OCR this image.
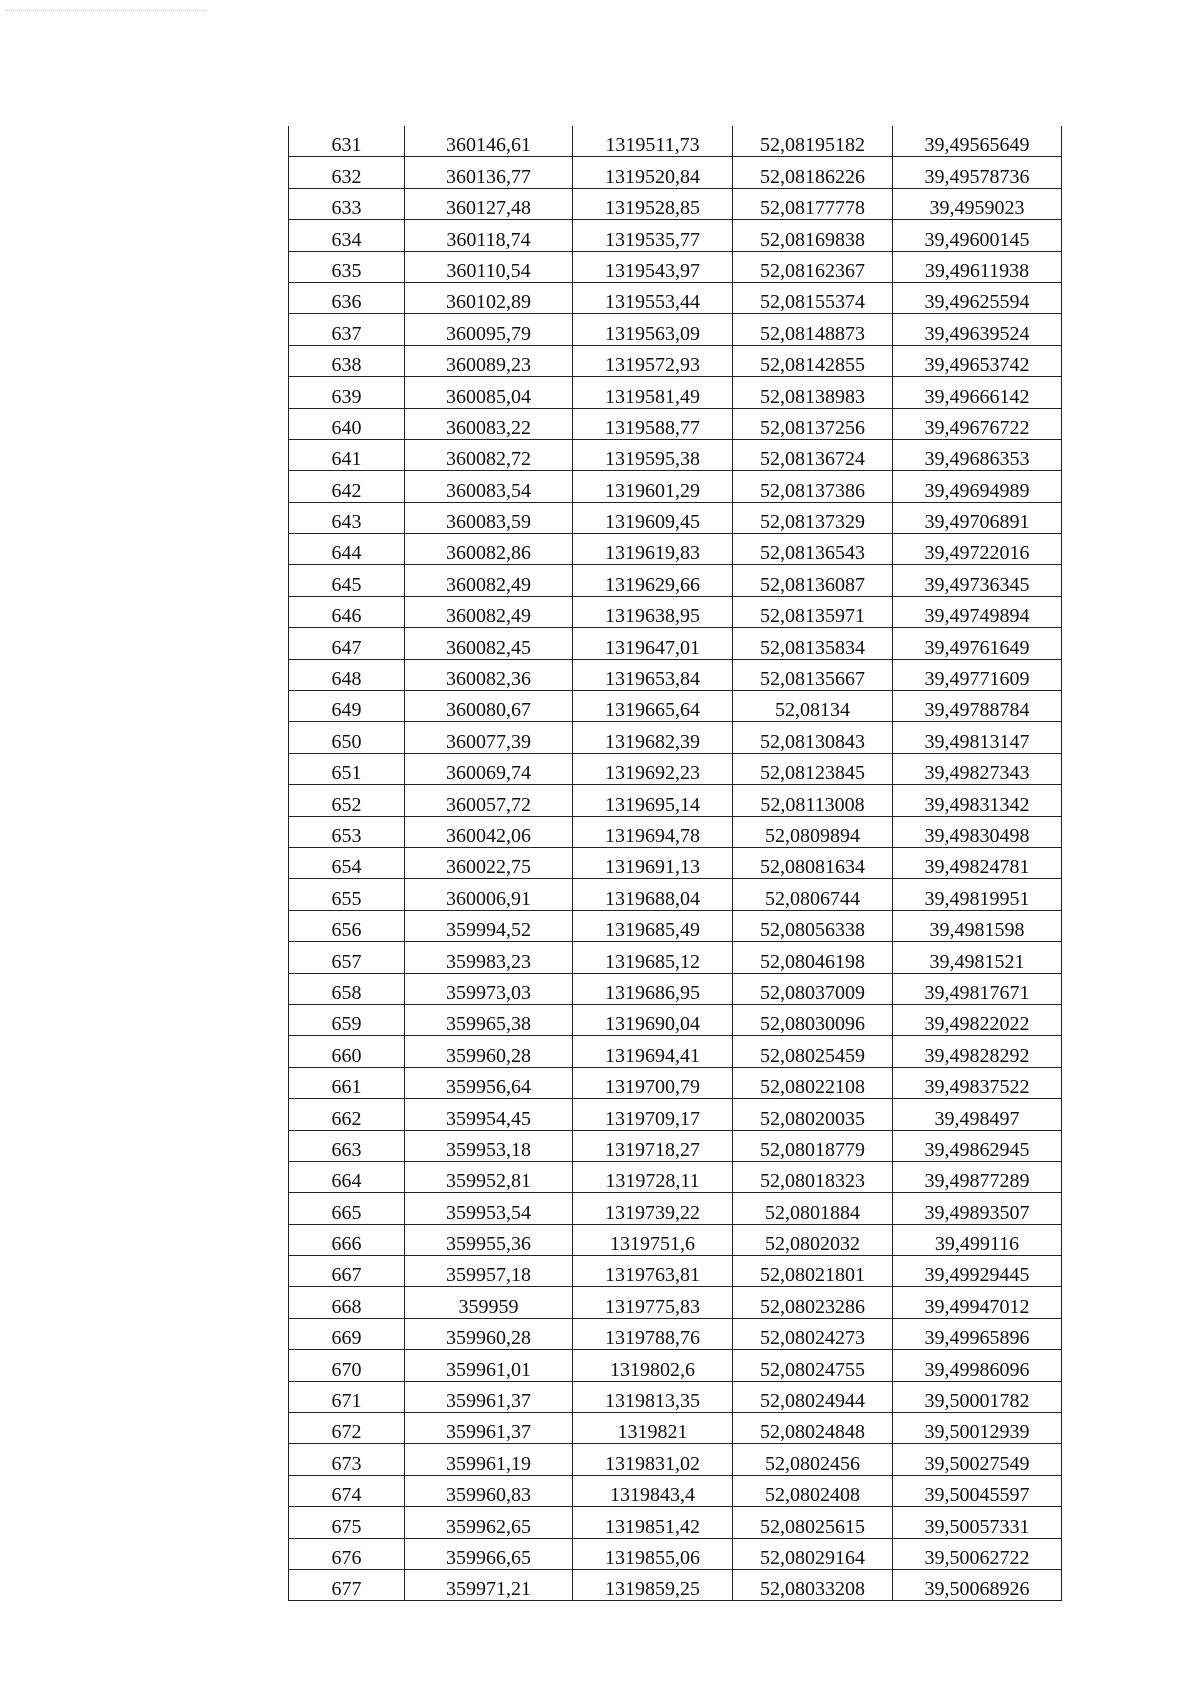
631	360146,61	1319511,73	52,08195182	39,49565649
632	360136,77	1319520,84	52,08186226	39,49578736
633	360127,48	1319528,85	52,08177778	39,4959023
634	360118,74	1319535,77	52,08169838	39,49600145
635	360110,54	1319543,97	52,08162367	39,49611938
636	360102,89	1319553,44	52,08155374	39,49625594
637	360095,79	1319563,09	52,08148873	39,49639524
638	360089,23	1319572,93	52,08142855	39,49653742
639	360085,04	1319581,49	52,08138983	39,49666142
640	360083,22	1319588,77	52,08137256	39,49676722
641	360082,72	1319595,38	52,08136724	39,49686353
642	360083,54	1319601,29	52,08137386	39,49694989
643	360083,59	1319609,45	52,08137329	39,49706891
644	360082,86	1319619,83	52,08136543	39,49722016
645	360082,49	1319629,66	52,08136087	39,49736345
646	360082,49	1319638,95	52,08135971	39,49749894
647	360082,45	1319647,01	52,08135834	39,49761649
648	360082,36	1319653,84	52,08135667	39,49771609
649	360080,67	1319665,64	52,08134	39,49788784
650	360077,39	1319682,39	52,08130843	39,49813147
651	360069,74	1319692,23	52,08123845	39,49827343
652	360057,72	1319695,14	52,08113008	39,49831342
653	360042,06	1319694,78	52,0809894	39,49830498
654	360022,75	1319691,13	52,08081634	39,49824781
655	360006,91	1319688,04	52,0806744	39,49819951
656	359994,52	1319685,49	52,08056338	39,4981598
657	359983,23	1319685,12	52,08046198	39,4981521
658	359973,03	1319686,95	52,08037009	39,49817671
659	359965,38	1319690,04	52,08030096	39,49822022
660	359960,28	1319694,41	52,08025459	39,49828292
661	359956,64	1319700,79	52,08022108	39,49837522
662	359954,45	1319709,17	52,08020035	39,498497
663	359953,18	1319718,27	52,08018779	39,49862945
664	359952,81	1319728,11	52,08018323	39,49877289
665	359953,54	1319739,22	52,0801884	39,49893507
666	359955,36	1319751,6	52,0802032	39,499116
667	359957,18	1319763,81	52,08021801	39,49929445
668	359959	1319775,83	52,08023286	39,49947012
669	359960,28	1319788,76	52,08024273	39,49965896
670	359961,01	1319802,6	52,08024755	39,49986096
671	359961,37	1319813,35	52,08024944	39,50001782
672	359961,37	1319821	52,08024848	39,50012939
673	359961,19	1319831,02	52,0802456	39,50027549
674	359960,83	1319843,4	52,0802408	39,50045597
675	359962,65	1319851,42	52,08025615	39,50057331
676	359966,65	1319855,06	52,08029164	39,50062722
677	359971,21	1319859,25	52,08033208	39,50068926
